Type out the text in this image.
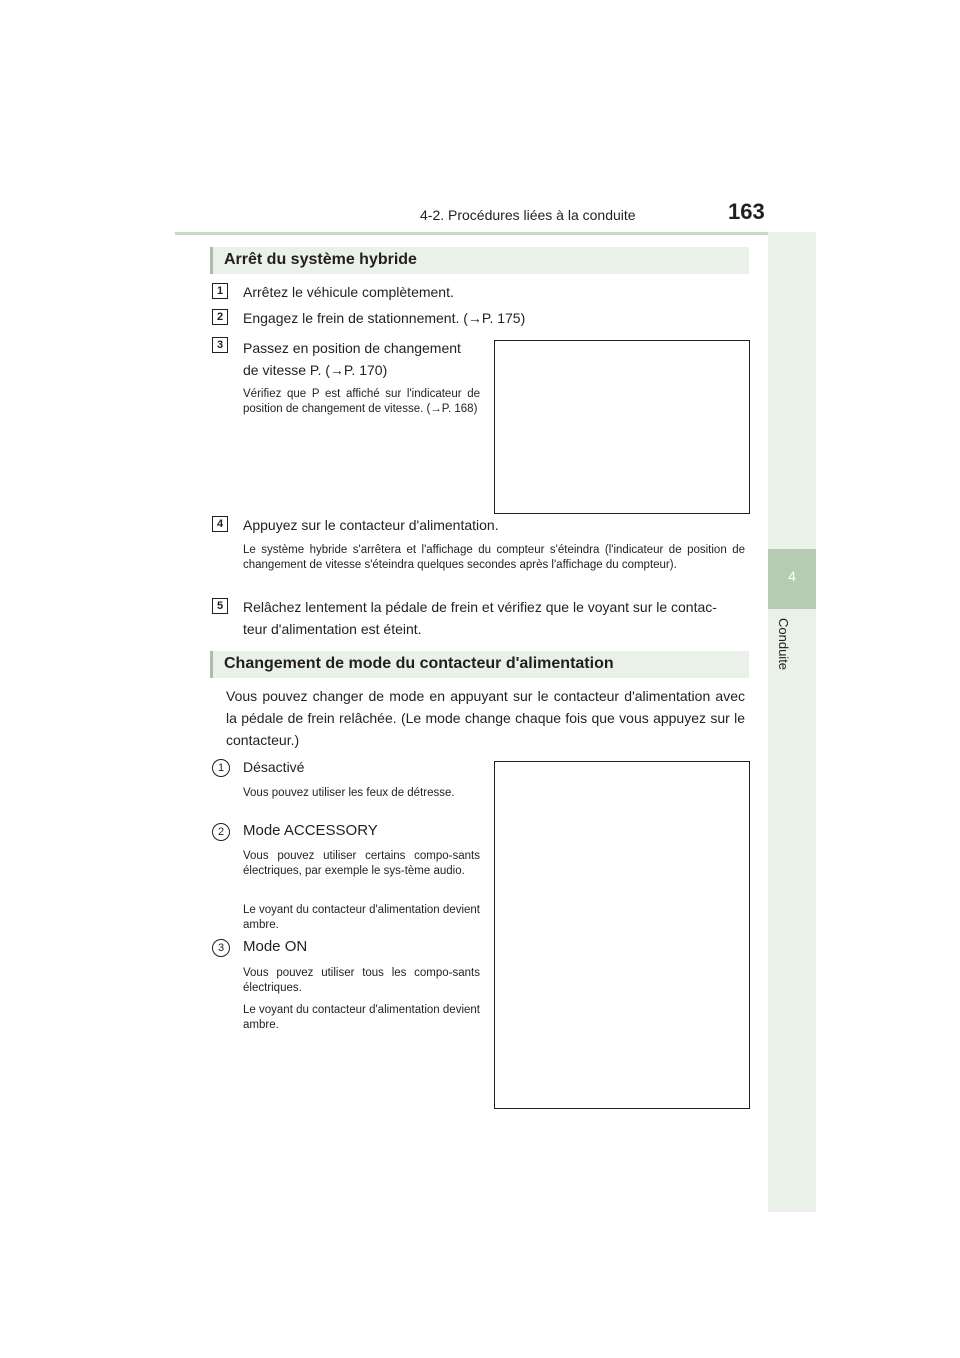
4-2. Procédures liées à la conduite	163
4
Conduite
Arrêt du système hybride
1	Arrêtez le véhicule complètement.
2	Engagez le frein de stationnement. (→P. 175)
3	Passez en position de changement
de vitesse P. (→P. 170)
Vérifiez que P est affiché sur l'indicateur de position de changement de vitesse. (→P. 168)
4	Appuyez sur le contacteur d'alimentation.
Le système hybride s'arrêtera et l'affichage du compteur s'éteindra (l'indicateur de position de changement de vitesse s'éteindra quelques secondes après l'affichage du compteur).
5	Relâchez lentement la pédale de frein et vérifiez que le voyant sur le contac-
teur d'alimentation est éteint.
Changement de mode du contacteur d'alimentation
Vous pouvez changer de mode en appuyant sur le contacteur d'alimentation avec la pédale de frein relâchée. (Le mode change chaque fois que vous appuyez sur le contacteur.)
1	Désactivé
Vous pouvez utiliser les feux de détresse.
2	Mode ACCESSORY
Vous pouvez utiliser certains compo-sants électriques, par exemple le sys-tème audio.
Le voyant du contacteur d'alimentation devient ambre.
3	Mode ON
Vous pouvez utiliser tous les compo-sants électriques.
Le voyant du contacteur d'alimentation devient ambre.
